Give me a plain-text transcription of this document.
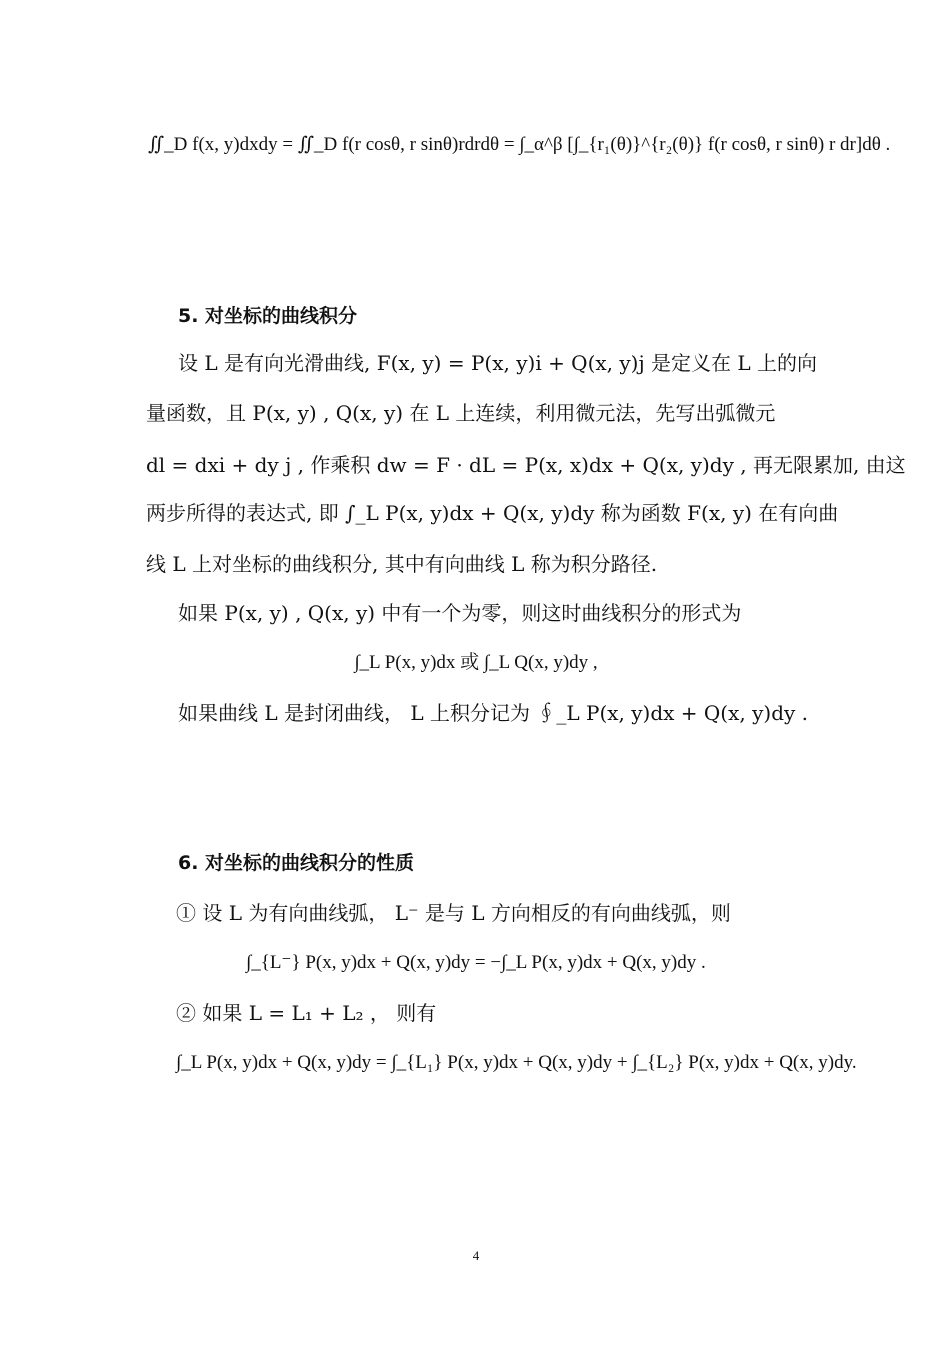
∬_D f(x, y)dxdy = ∬_D f(r cosθ, r sinθ)rdrdθ = ∫_α^β [∫_{r₁(θ)}^{r₂(θ)} f(r cosθ, r sinθ) r dr]dθ .
5. 对坐标的曲线积分
设 L 是有向光滑曲线, F(x, y) = P(x, y)i + Q(x, y)j 是定义在 L 上的向
量函数，且 P(x, y) , Q(x, y) 在 L 上连续，利用微元法，先写出弧微元
dl = dxi + dy j , 作乘积 dw = F · dL = P(x, x)dx + Q(x, y)dy , 再无限累加, 由这
两步所得的表达式, 即 ∫_L P(x, y)dx + Q(x, y)dy 称为函数 F(x, y) 在有向曲
线 L 上对坐标的曲线积分, 其中有向曲线 L 称为积分路径.
如果 P(x, y) , Q(x, y) 中有一个为零，则这时曲线积分的形式为
∫_L P(x, y)dx 或 ∫_L Q(x, y)dy ,
如果曲线 L 是封闭曲线， L 上积分记为 ∮_L P(x, y)dx + Q(x, y)dy .
6. 对坐标的曲线积分的性质
① 设 L 为有向曲线弧， L⁻ 是与 L 方向相反的有向曲线弧，则
∫_{L⁻} P(x, y)dx + Q(x, y)dy = −∫_L P(x, y)dx + Q(x, y)dy .
② 如果 L = L₁ + L₂ ， 则有
∫_L P(x, y)dx + Q(x, y)dy = ∫_{L₁} P(x, y)dx + Q(x, y)dy + ∫_{L₂} P(x, y)dx + Q(x, y)dy.
4
